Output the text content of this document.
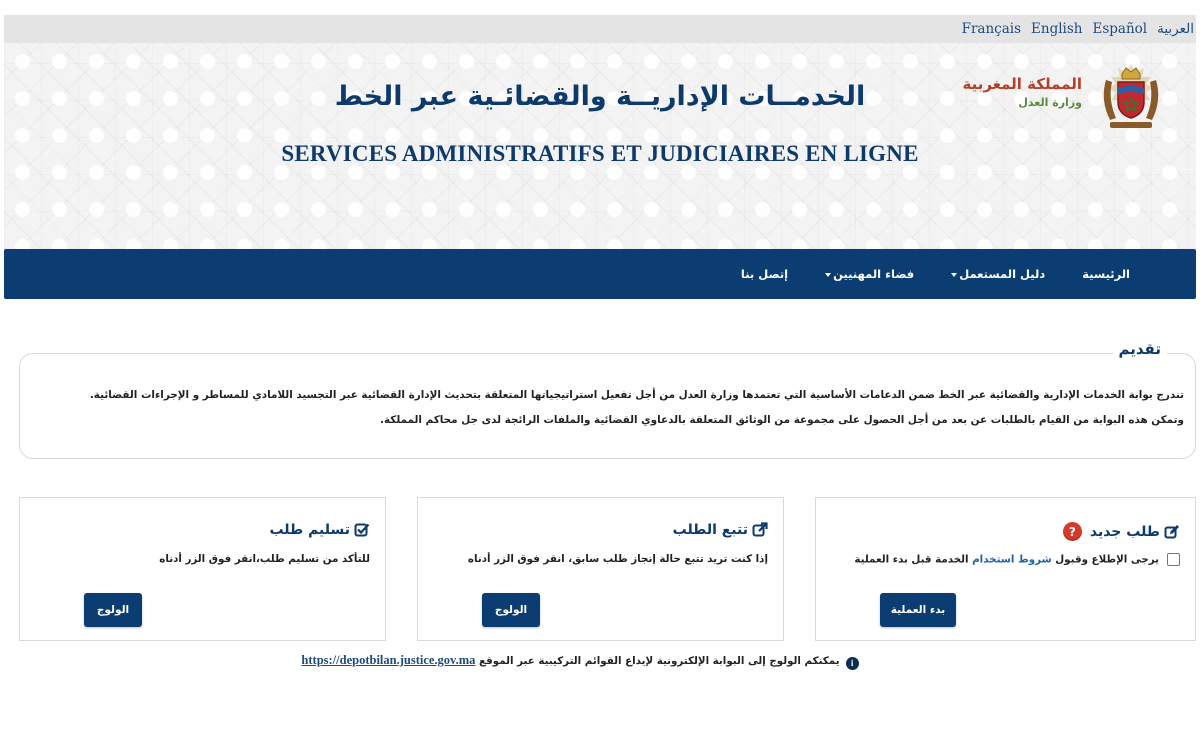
العربية
Español
English
Français
الخدمــات الإداريــة والقضائـية عبر الخط
SERVICES ADMINISTRATIFS ET JUDICIAIRES EN LIGNE
المملكة المغربية
وزارة العدل
الرئيسية
دليل المستعمل
فضاء المهنيين
إتصل بنا
تقديم
تندرج بوابة الخدمات الإدارية والقضائية عبر الخط ضمن الدعامات الأساسية التي تعتمدها وزارة العدل من أجل تفعيل استراتيجياتها المتعلقة بتحديث الإدارة القضائية عبر التجسيد اللامادي للمساطر و الإجراءات القضائية.
وتمكن هذه البوابة من القيام بالطلبات عن بعد من أجل الحصول على مجموعة من الوثائق المتعلقة بالدعاوي القضائية والملفات الرائجة لدى جل محاكم المملكة.
تسليم طلب
للتأكد من تسليم طلب،انقر فوق الزر أدناه
الولوج
تتبع الطلب
إذا كنت تريد تتبع حالة إنجاز طلب سابق، انقر فوق الزر أدناه
الولوج
طلب جديد
?
يرجى الإطلاع وقبول شروط استخدام الخدمة قبل بدء العملية
بدء العملية
iيمكنكم الولوج إلى البوابة الإلكترونية لإيداع القوائم التركيبية عبر الموقع https://depotbilan.justice.gov.ma
